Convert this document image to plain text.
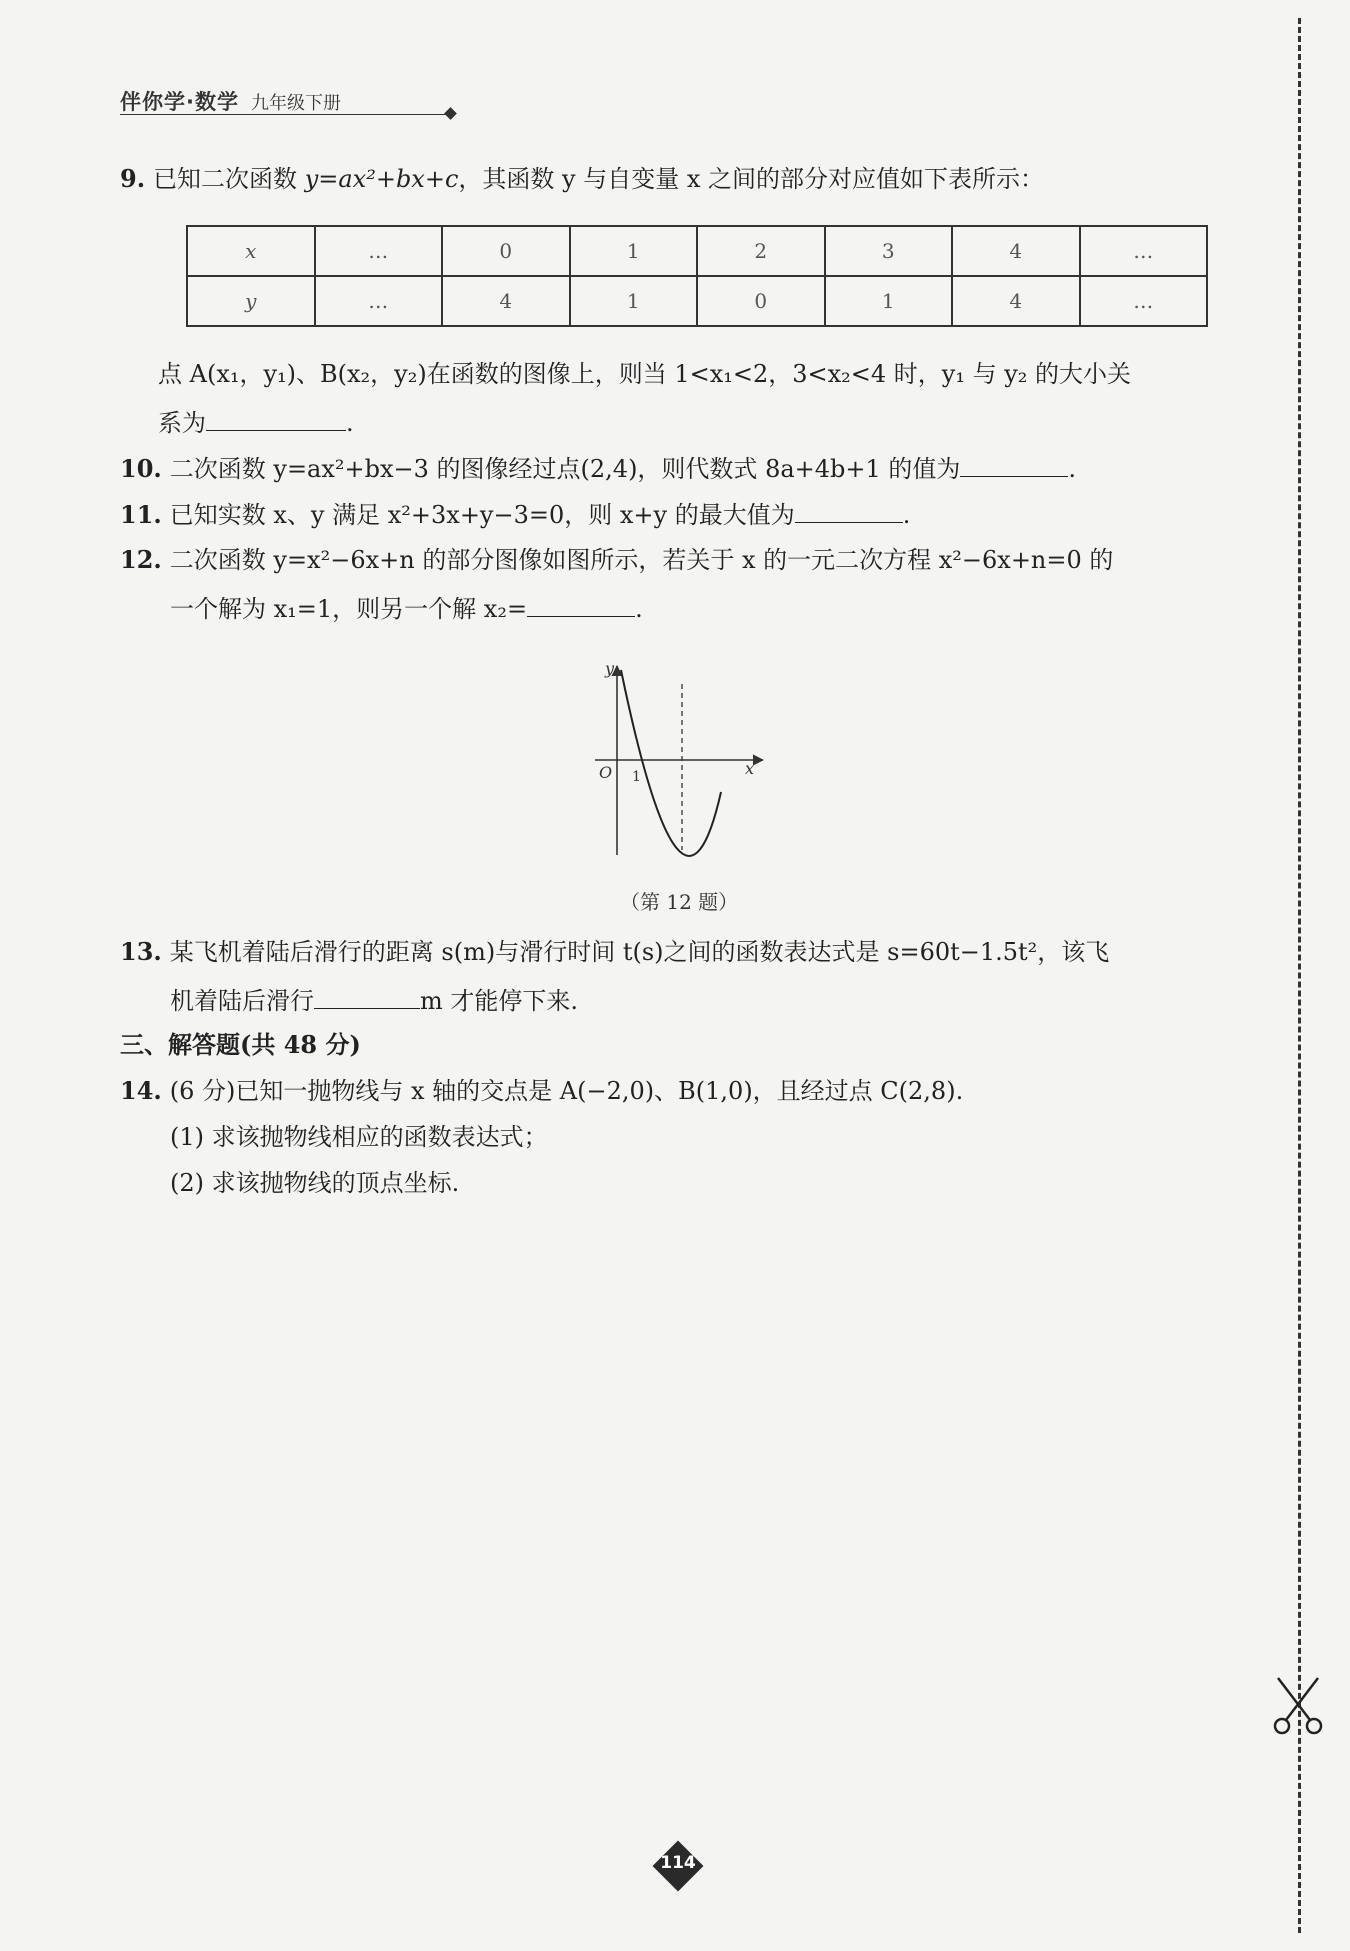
伴你学·数学 九年级下册
9. 已知二次函数 y=ax²+bx+c，其函数 y 与自变量 x 之间的部分对应值如下表所示：
x	…	0	1	2	3	4	…
y	…	4	1	0	1	4	…
点 A(x₁，y₁)、B(x₂，y₂)在函数的图像上，则当 1<x₁<2，3<x₂<4 时，y₁ 与 y₂ 的大小关
系为	.
10. 二次函数 y=ax²+bx−3 的图像经过点(2,4)，则代数式 8a+4b+1 的值为	.
11. 已知实数 x、y 满足 x²+3x+y−3=0，则 x+y 的最大值为	.
12. 二次函数 y=x²−6x+n 的部分图像如图所示，若关于 x 的一元二次方程 x²−6x+n=0 的
一个解为 x₁=1，则另一个解 x₂=	.
y
x
O 1
（第 12 题）
13. 某飞机着陆后滑行的距离 s(m)与滑行时间 t(s)之间的函数表达式是 s=60t−1.5t²，该飞
机着陆后滑行	m 才能停下来.
三、解答题(共 48 分)
14. (6 分)已知一抛物线与 x 轴的交点是 A(−2,0)、B(1,0)，且经过点 C(2,8).
(1) 求该抛物线相应的函数表达式；
(2) 求该抛物线的顶点坐标.
114
